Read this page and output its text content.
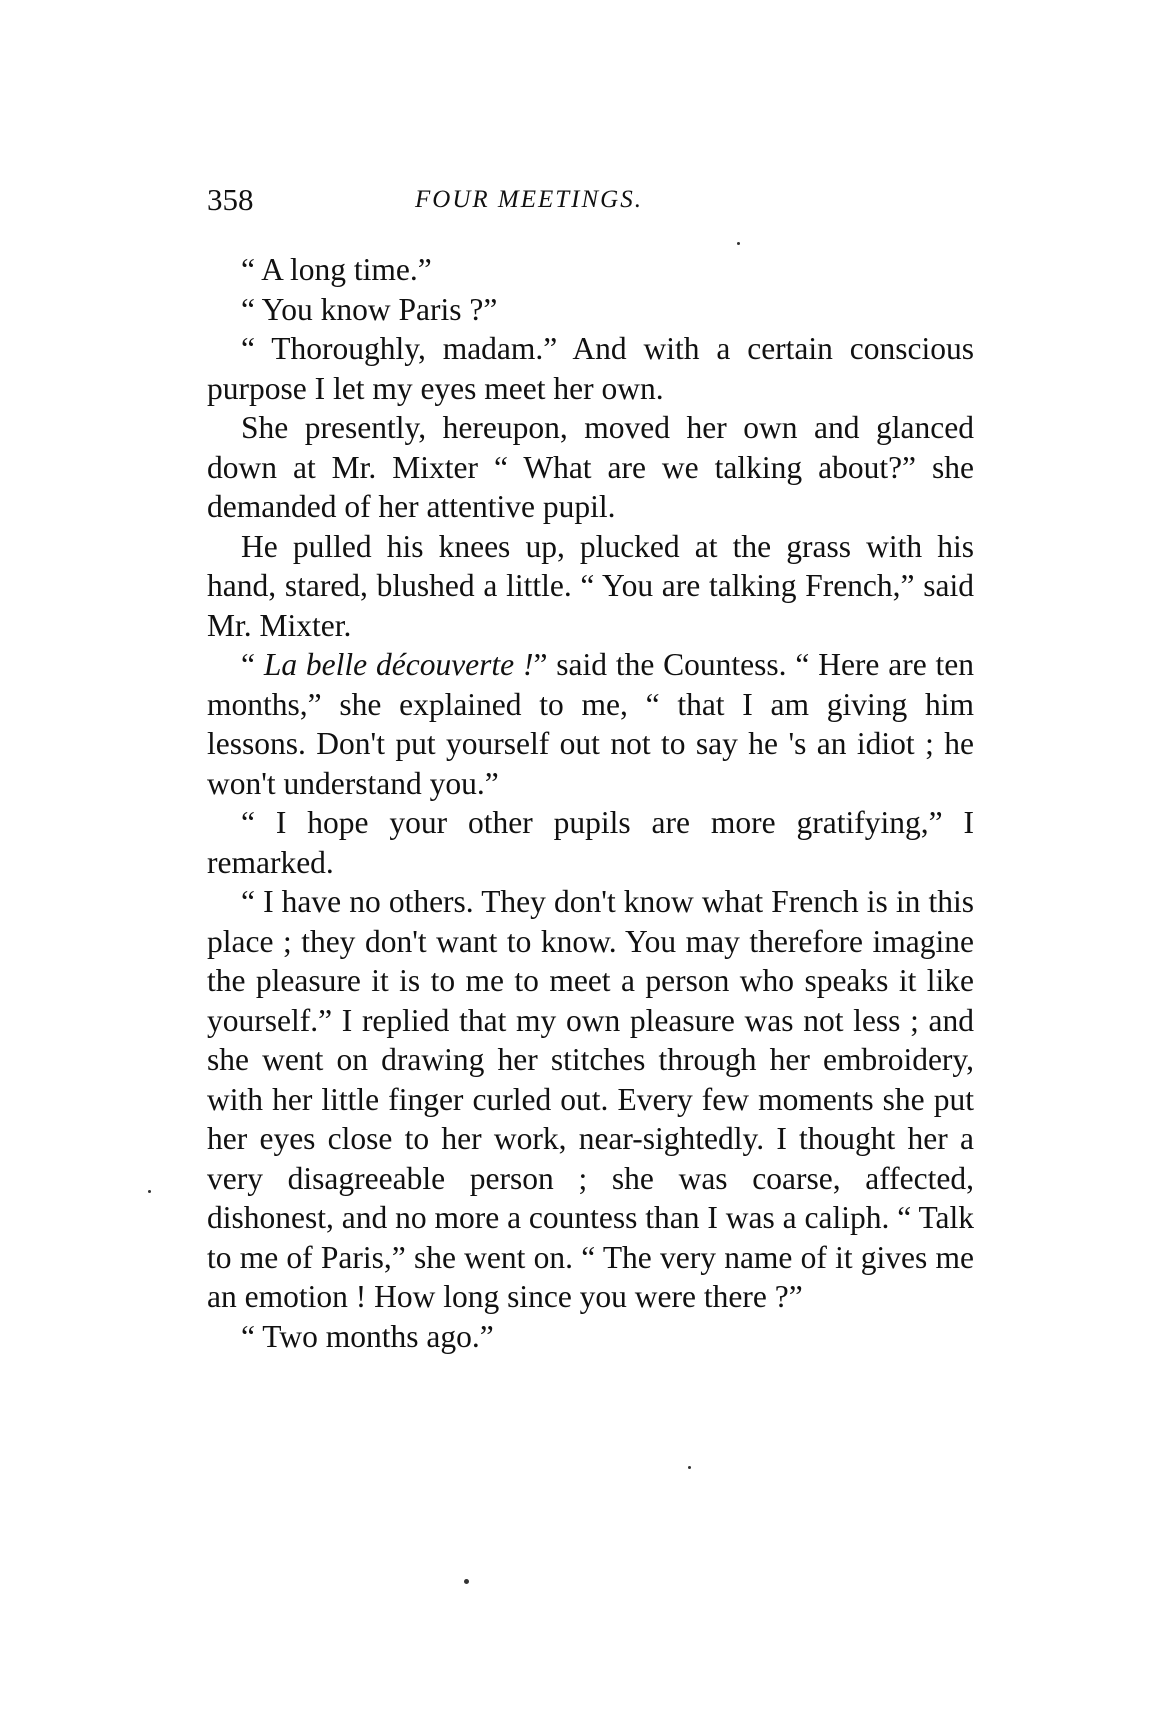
358	FOUR MEETINGS.

“ A long time.”

“ You know Paris ?”

“ Thoroughly, madam.” And with a certain conscious purpose I let my eyes meet her own.

She presently, hereupon, moved her own and glanced down at Mr. Mixter “ What are we talking about?” she demanded of her attentive pupil.

He pulled his knees up, plucked at the grass with his hand, stared, blushed a little. “ You are talking French,” said Mr. Mixter.

“ La belle découverte !” said the Countess. “ Here are ten months,” she explained to me, “ that I am giving him lessons. Don't put yourself out not to say he 's an idiot ; he won't understand you.”

“ I hope your other pupils are more gratifying,” I remarked.

“ I have no others. They don't know what French is in this place ; they don't want to know. You may therefore imagine the pleasure it is to me to meet a person who speaks it like yourself.” I replied that my own pleasure was not less ; and she went on drawing her stitches through her embroidery, with her little finger curled out. Every few moments she put her eyes close to her work, near-sightedly. I thought her a very disagreeable person ; she was coarse, affected, dishonest, and no more a countess than I was a caliph. “ Talk to me of Paris,” she went on. “ The very name of it gives me an emotion ! How long since you were there ?”

“ Two months ago.”
